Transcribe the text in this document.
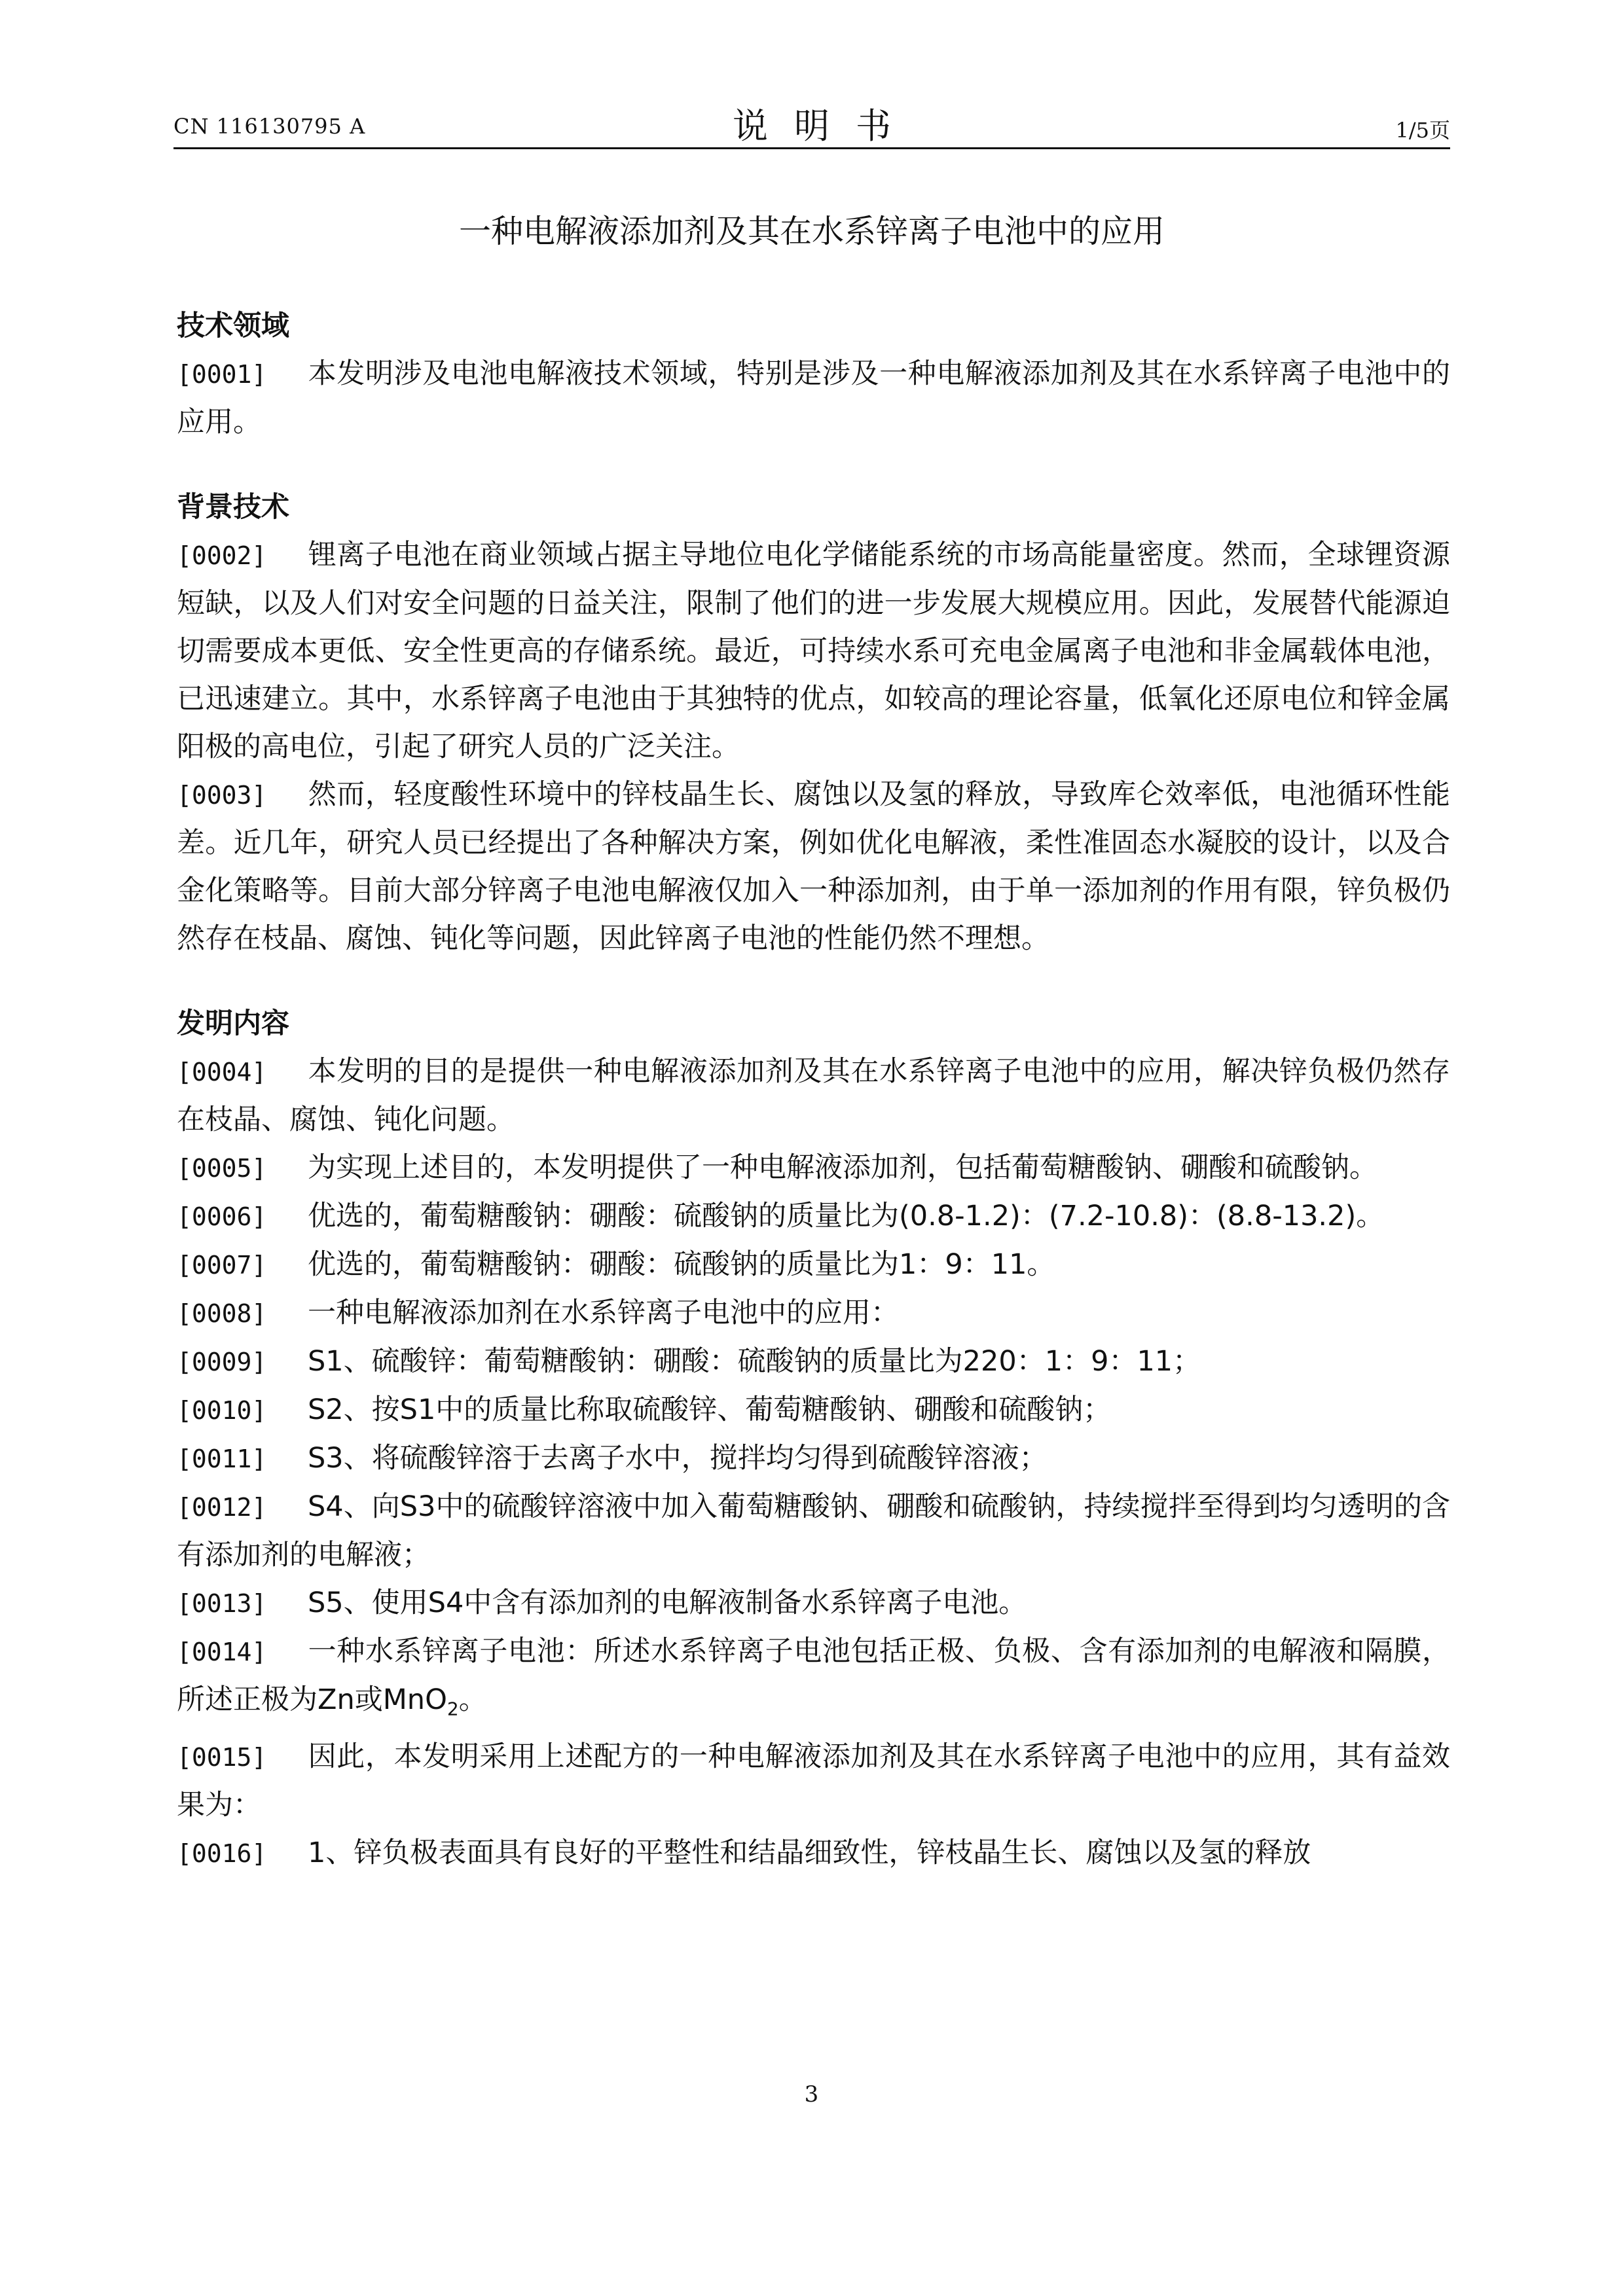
CN 116130795 A	说明书	1/5页
一种电解液添加剂及其在水系锌离子电池中的应用
技术领域

[0001] 本发明涉及电池电解液技术领域，特别是涉及一种电解液添加剂及其在水系锌离子电池中的应用。

背景技术

[0002] 锂离子电池在商业领域占据主导地位电化学储能系统的市场高能量密度。然而，全球锂资源短缺，以及人们对安全问题的日益关注，限制了他们的进一步发展大规模应用。因此，发展替代能源迫切需要成本更低、安全性更高的存储系统。最近，可持续水系可充电金属离子电池和非金属载体电池，已迅速建立。其中，水系锌离子电池由于其独特的优点，如较高的理论容量，低氧化还原电位和锌金属阳极的高电位，引起了研究人员的广泛关注。

[0003] 然而，轻度酸性环境中的锌枝晶生长、腐蚀以及氢的释放，导致库仑效率低，电池循环性能差。近几年，研究人员已经提出了各种解决方案，例如优化电解液，柔性准固态水凝胶的设计，以及合金化策略等。目前大部分锌离子电池电解液仅加入一种添加剂，由于单一添加剂的作用有限，锌负极仍然存在枝晶、腐蚀、钝化等问题，因此锌离子电池的性能仍然不理想。

发明内容

[0004] 本发明的目的是提供一种电解液添加剂及其在水系锌离子电池中的应用，解决锌负极仍然存在枝晶、腐蚀、钝化问题。

[0005] 为实现上述目的，本发明提供了一种电解液添加剂，包括葡萄糖酸钠、硼酸和硫酸钠。

[0006] 优选的，葡萄糖酸钠：硼酸：硫酸钠的质量比为(0.8-1.2)：(7.2-10.8)：(8.8-13.2)。

[0007] 优选的，葡萄糖酸钠：硼酸：硫酸钠的质量比为1：9：11。

[0008] 一种电解液添加剂在水系锌离子电池中的应用：

[0009] S1、硫酸锌：葡萄糖酸钠：硼酸：硫酸钠的质量比为220：1：9：11；

[0010] S2、按S1中的质量比称取硫酸锌、葡萄糖酸钠、硼酸和硫酸钠；

[0011] S3、将硫酸锌溶于去离子水中，搅拌均匀得到硫酸锌溶液；

[0012] S4、向S3中的硫酸锌溶液中加入葡萄糖酸钠、硼酸和硫酸钠，持续搅拌至得到均匀透明的含有添加剂的电解液；

[0013] S5、使用S4中含有添加剂的电解液制备水系锌离子电池。

[0014] 一种水系锌离子电池：所述水系锌离子电池包括正极、负极、含有添加剂的电解液和隔膜，所述正极为Zn或MnO$_2$。

[0015] 因此，本发明采用上述配方的一种电解液添加剂及其在水系锌离子电池中的应用，其有益效果为：

[0016] 1、锌负极表面具有良好的平整性和结晶细致性，锌枝晶生长、腐蚀以及氢的释放

3
